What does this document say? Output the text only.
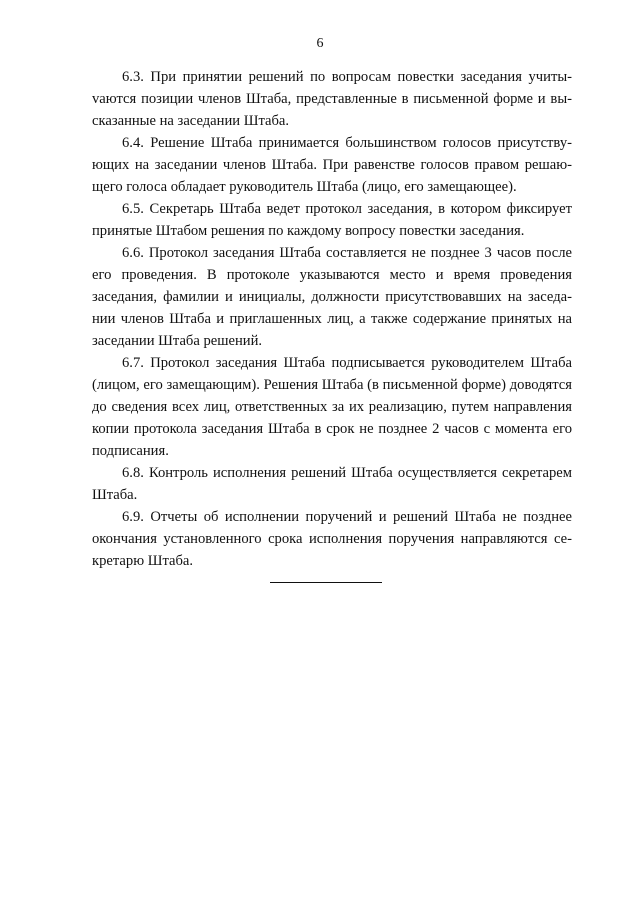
6

6.3. При принятии решений по вопросам повестки заседания учитыvаются позиции членов Штаба, представленные в письменной форме и высказанные на заседании Штаба.

6.4. Решение Штаба принимается большинством голосов присутствующих на заседании членов Штаба. При равенстве голосов правом решающего голоса обладает руководитель Штаба (лицо, его замещающее).

6.5. Секретарь Штаба ведет протокол заседания, в котором фиксирует принятые Штабом решения по каждому вопросу повестки заседания.

6.6. Протокол заседания Штаба составляется не позднее 3 часов после его проведения. В протоколе указываются место и время проведения заседания, фамилии и инициалы, должности присутствовавших на заседании членов Штаба и приглашенных лиц, а также содержание принятых на заседании Штаба решений.

6.7. Протокол заседания Штаба подписывается руководителем Штаба (лицом, его замещающим). Решения Штаба (в письменной форме) доводятся до сведения всех лиц, ответственных за их реализацию, путем направления копии протокола заседания Штаба в срок не позднее 2 часов с момента его подписания.

6.8. Контроль исполнения решений Штаба осуществляется секретарем Штаба.

6.9. Отчеты об исполнении поручений и решений Штаба не позднее окончания установленного срока исполнения поручения направляются секретарю Штаба.
